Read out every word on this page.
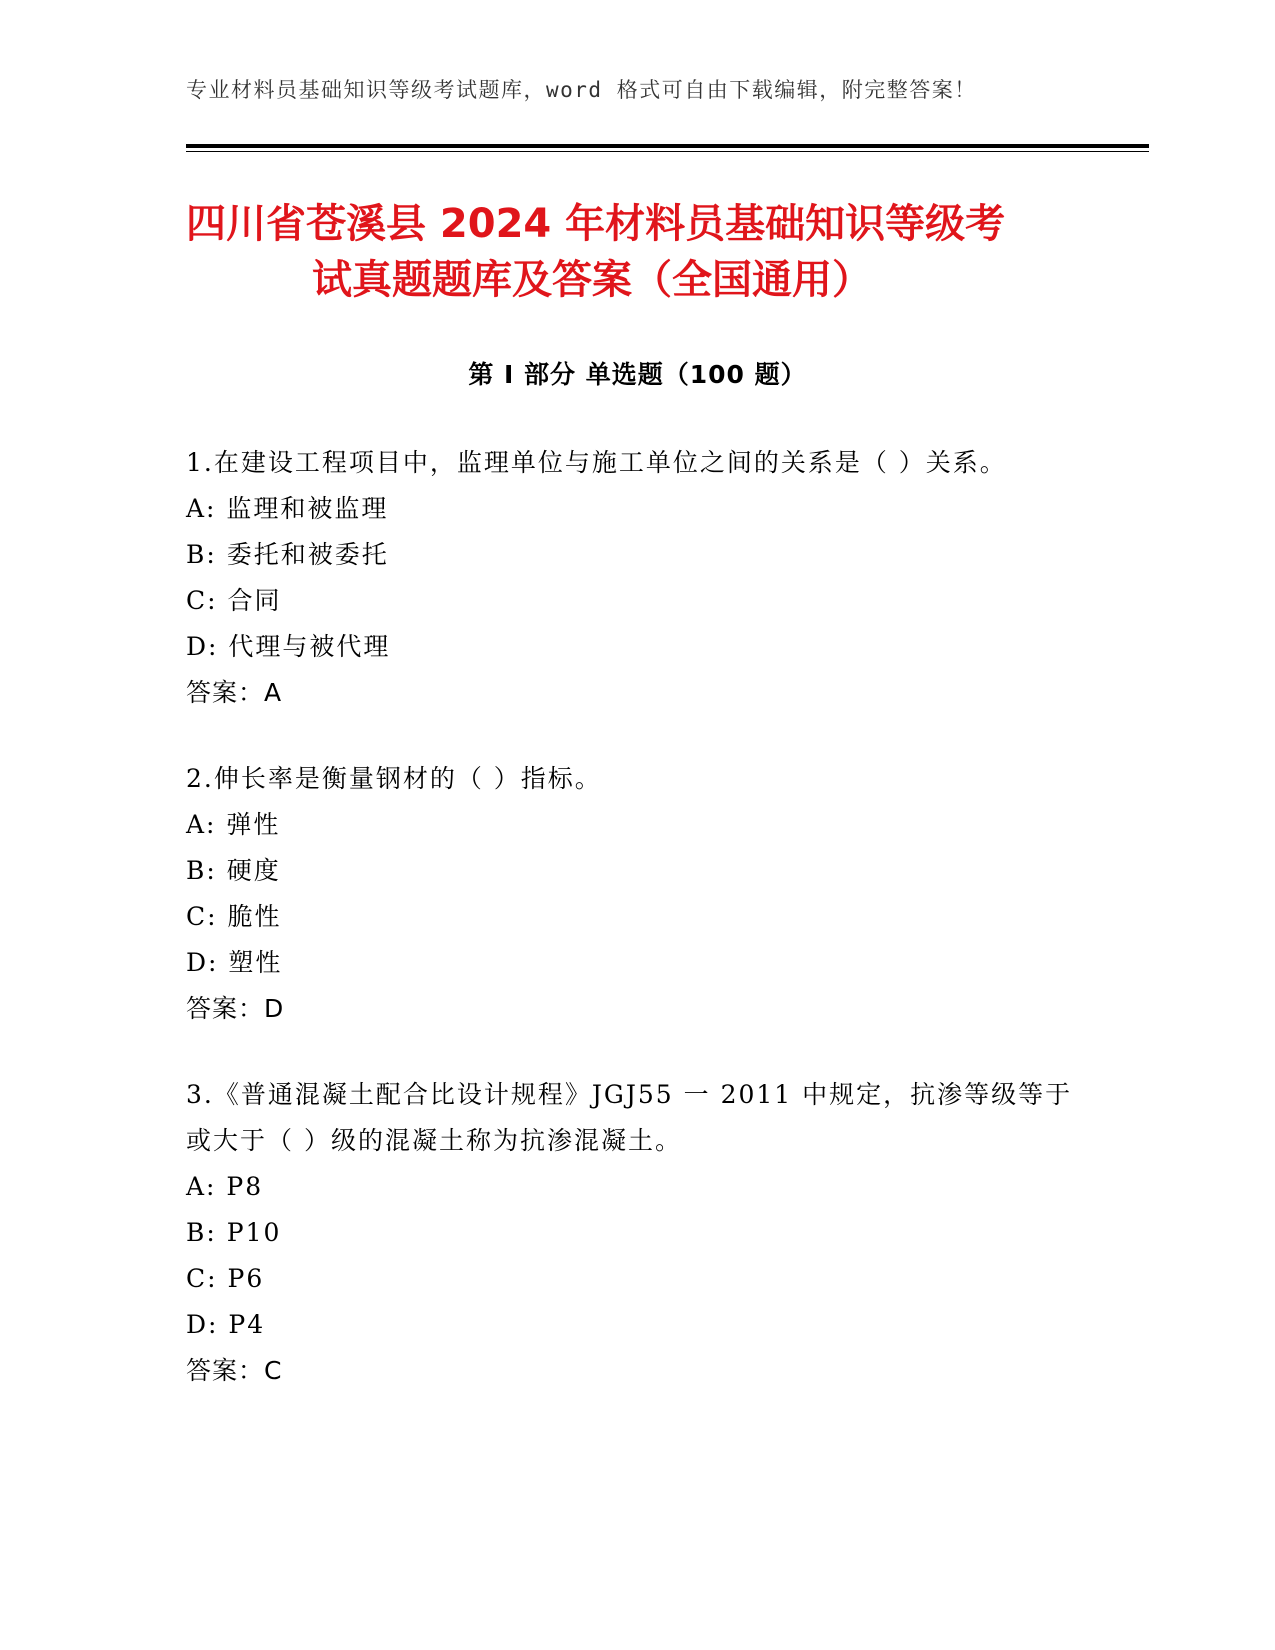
专业材料员基础知识等级考试题库，word 格式可自由下载编辑，附完整答案！
四川省苍溪县 2024 年材料员基础知识等级考
试真题题库及答案（全国通用）
第 I 部分 单选题（100 题）

1.在建设工程项目中，监理单位与施工单位之间的关系是（ ）关系。

A: 监理和被监理
B: 委托和被委托
C: 合同
D: 代理与被代理
答案：A

2.伸长率是衡量钢材的（ ）指标。

A: 弹性
B: 硬度
C: 脆性
D: 塑性
答案：D

3.《普通混凝土配合比设计规程》JGJ55 一 2011 中规定，抗渗等级等于或大于（ ）级的混凝土称为抗渗混凝土。

A: P8
B: P10
C: P6
D: P4
答案：C
